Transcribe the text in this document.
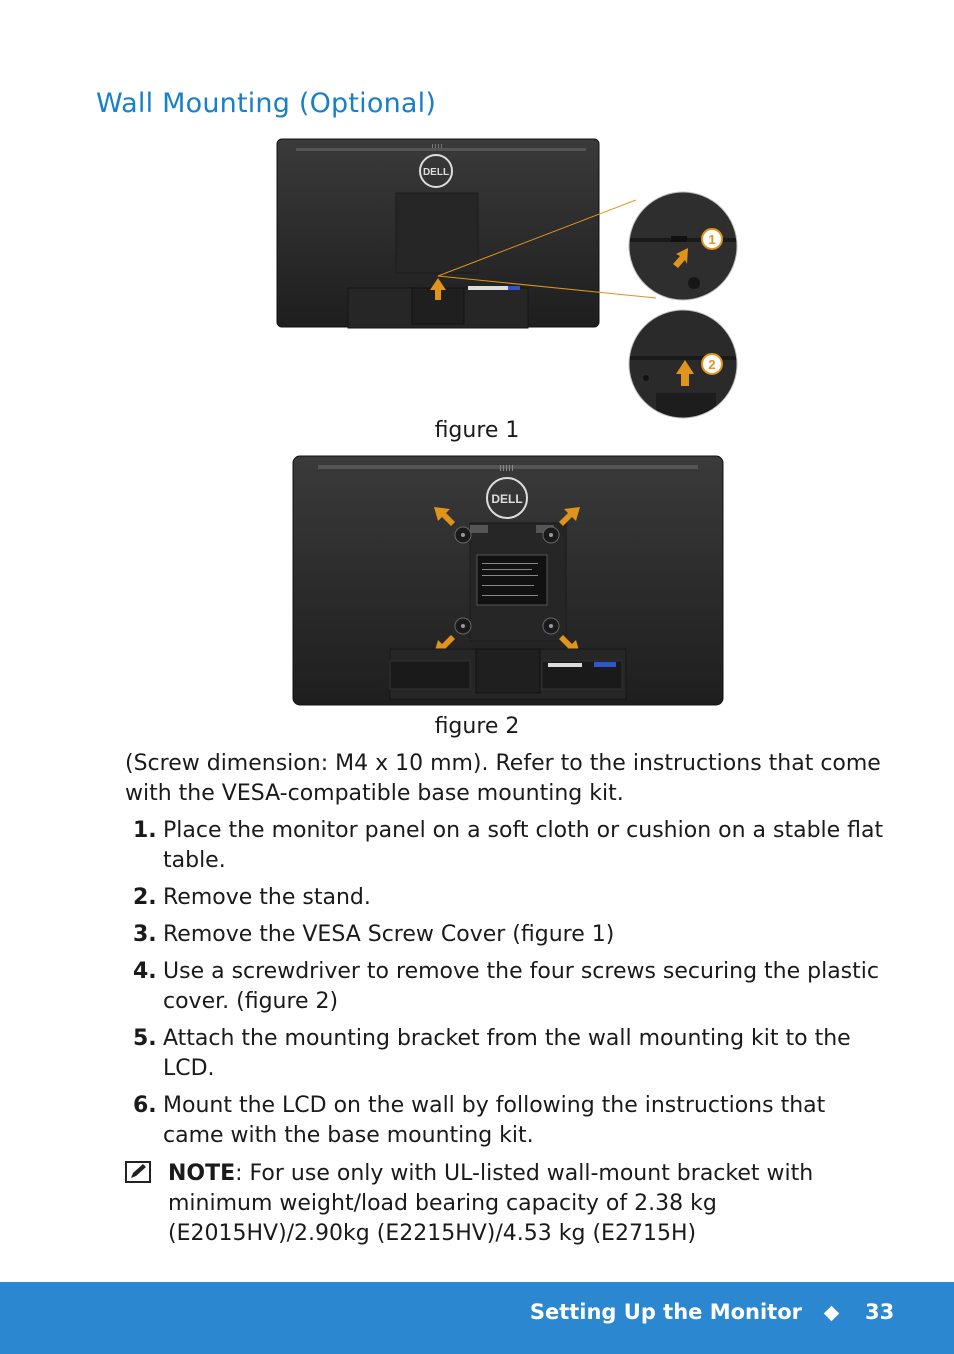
Wall Mounting (Optional)
DELL
1
2
figure 1
DELL
figure 2

(Screw dimension: M4 x 10 mm). Refer to the instructions that come with the VESA-compatible base mounting kit.

1. Place the monitor panel on a soft cloth or cushion on a stable flat table.
2. Remove the stand.
3. Remove the VESA Screw Cover (figure 1)
4. Use a screwdriver to remove the four screws securing the plastic cover. (figure 2)
5. Attach the mounting bracket from the wall mounting kit to the LCD.
6. Mount the LCD on the wall by following the instructions that came with the base mounting kit.
NOTE: For use only with UL-listed wall-mount bracket with minimum weight/load bearing capacity of 2.38 kg (E2015HV)/2.90kg (E2215HV)/4.53 kg (E2715H)
Setting Up the Monitor	33
